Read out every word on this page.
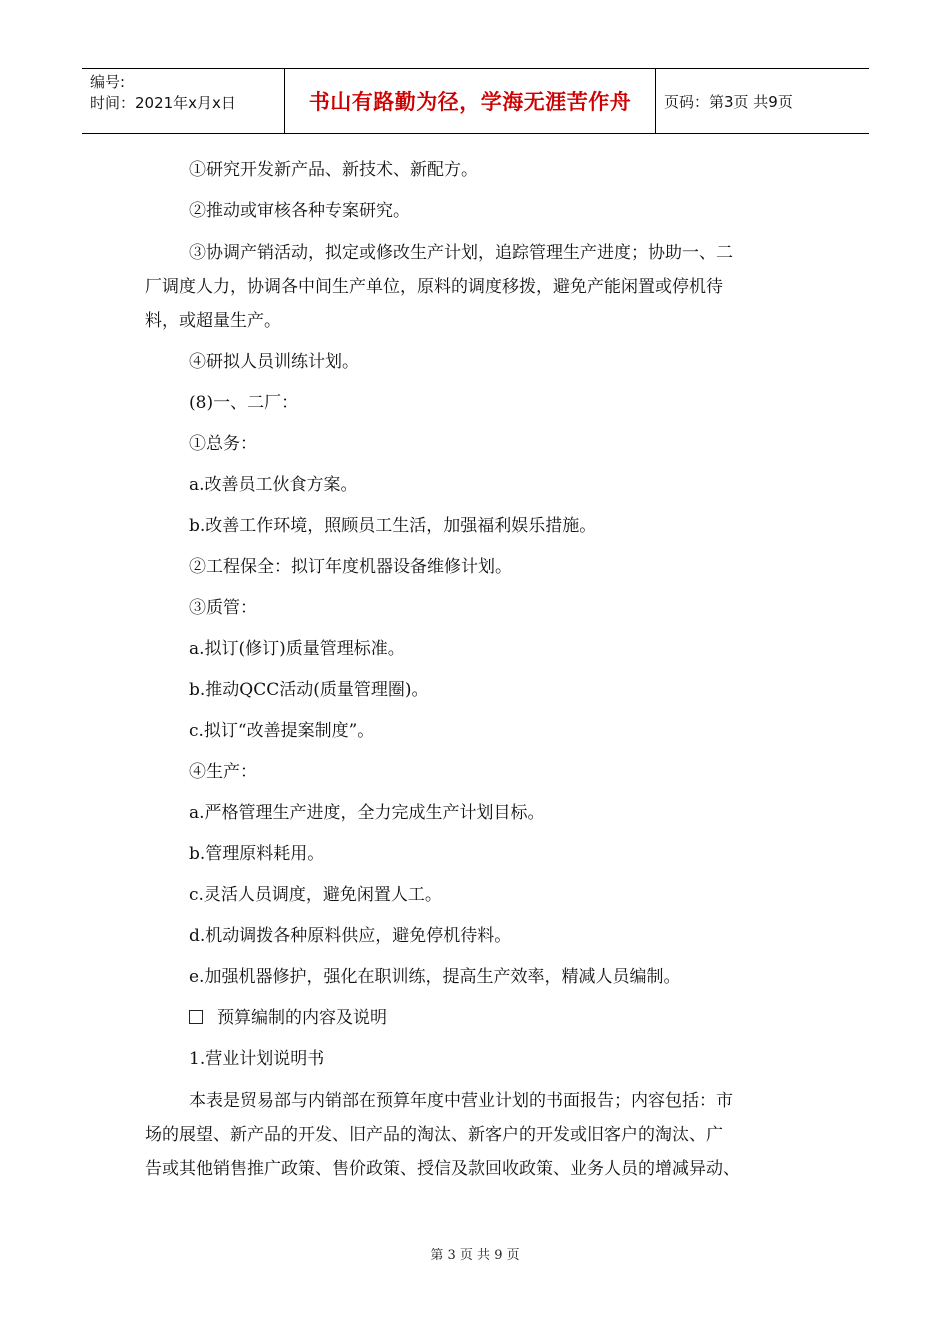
编号:
时间：2021年x月x日	书山有路勤为径，学海无涯苦作舟 页码：第3页 共9页

①研究开发新产品、新技术、新配方。

②推动或审核各种专案研究。

③协调产销活动，拟定或修改生产计划，追踪管理生产进度；协助一、二

厂调度人力，协调各中间生产单位，原料的调度移拨，避免产能闲置或停机待

料，或超量生产。

④研拟人员训练计划。

(8)一、二厂：

①总务：

a.改善员工伙食方案。

b.改善工作环境，照顾员工生活，加强福利娱乐措施。

②工程保全：拟订年度机器设备维修计划。

③质管：

a.拟订(修订)质量管理标准。

b.推动QCC活动(质量管理圈)。

c.拟订“改善提案制度”。

④生产：

a.严格管理生产进度，全力完成生产计划目标。

b.管理原料耗用。

c.灵活人员调度，避免闲置人工。

d.机动调拨各种原料供应，避免停机待料。

e.加强机器修护，强化在职训练，提高生产效率，精减人员编制。

预算编制的内容及说明

1.营业计划说明书

本表是贸易部与内销部在预算年度中营业计划的书面报告；内容包括：市

场的展望、新产品的开发、旧产品的淘汰、新客户的开发或旧客户的淘汰、广

告或其他销售推广政策、售价政策、授信及款回收政策、业务人员的增减异动、

第 3 页 共 9 页
